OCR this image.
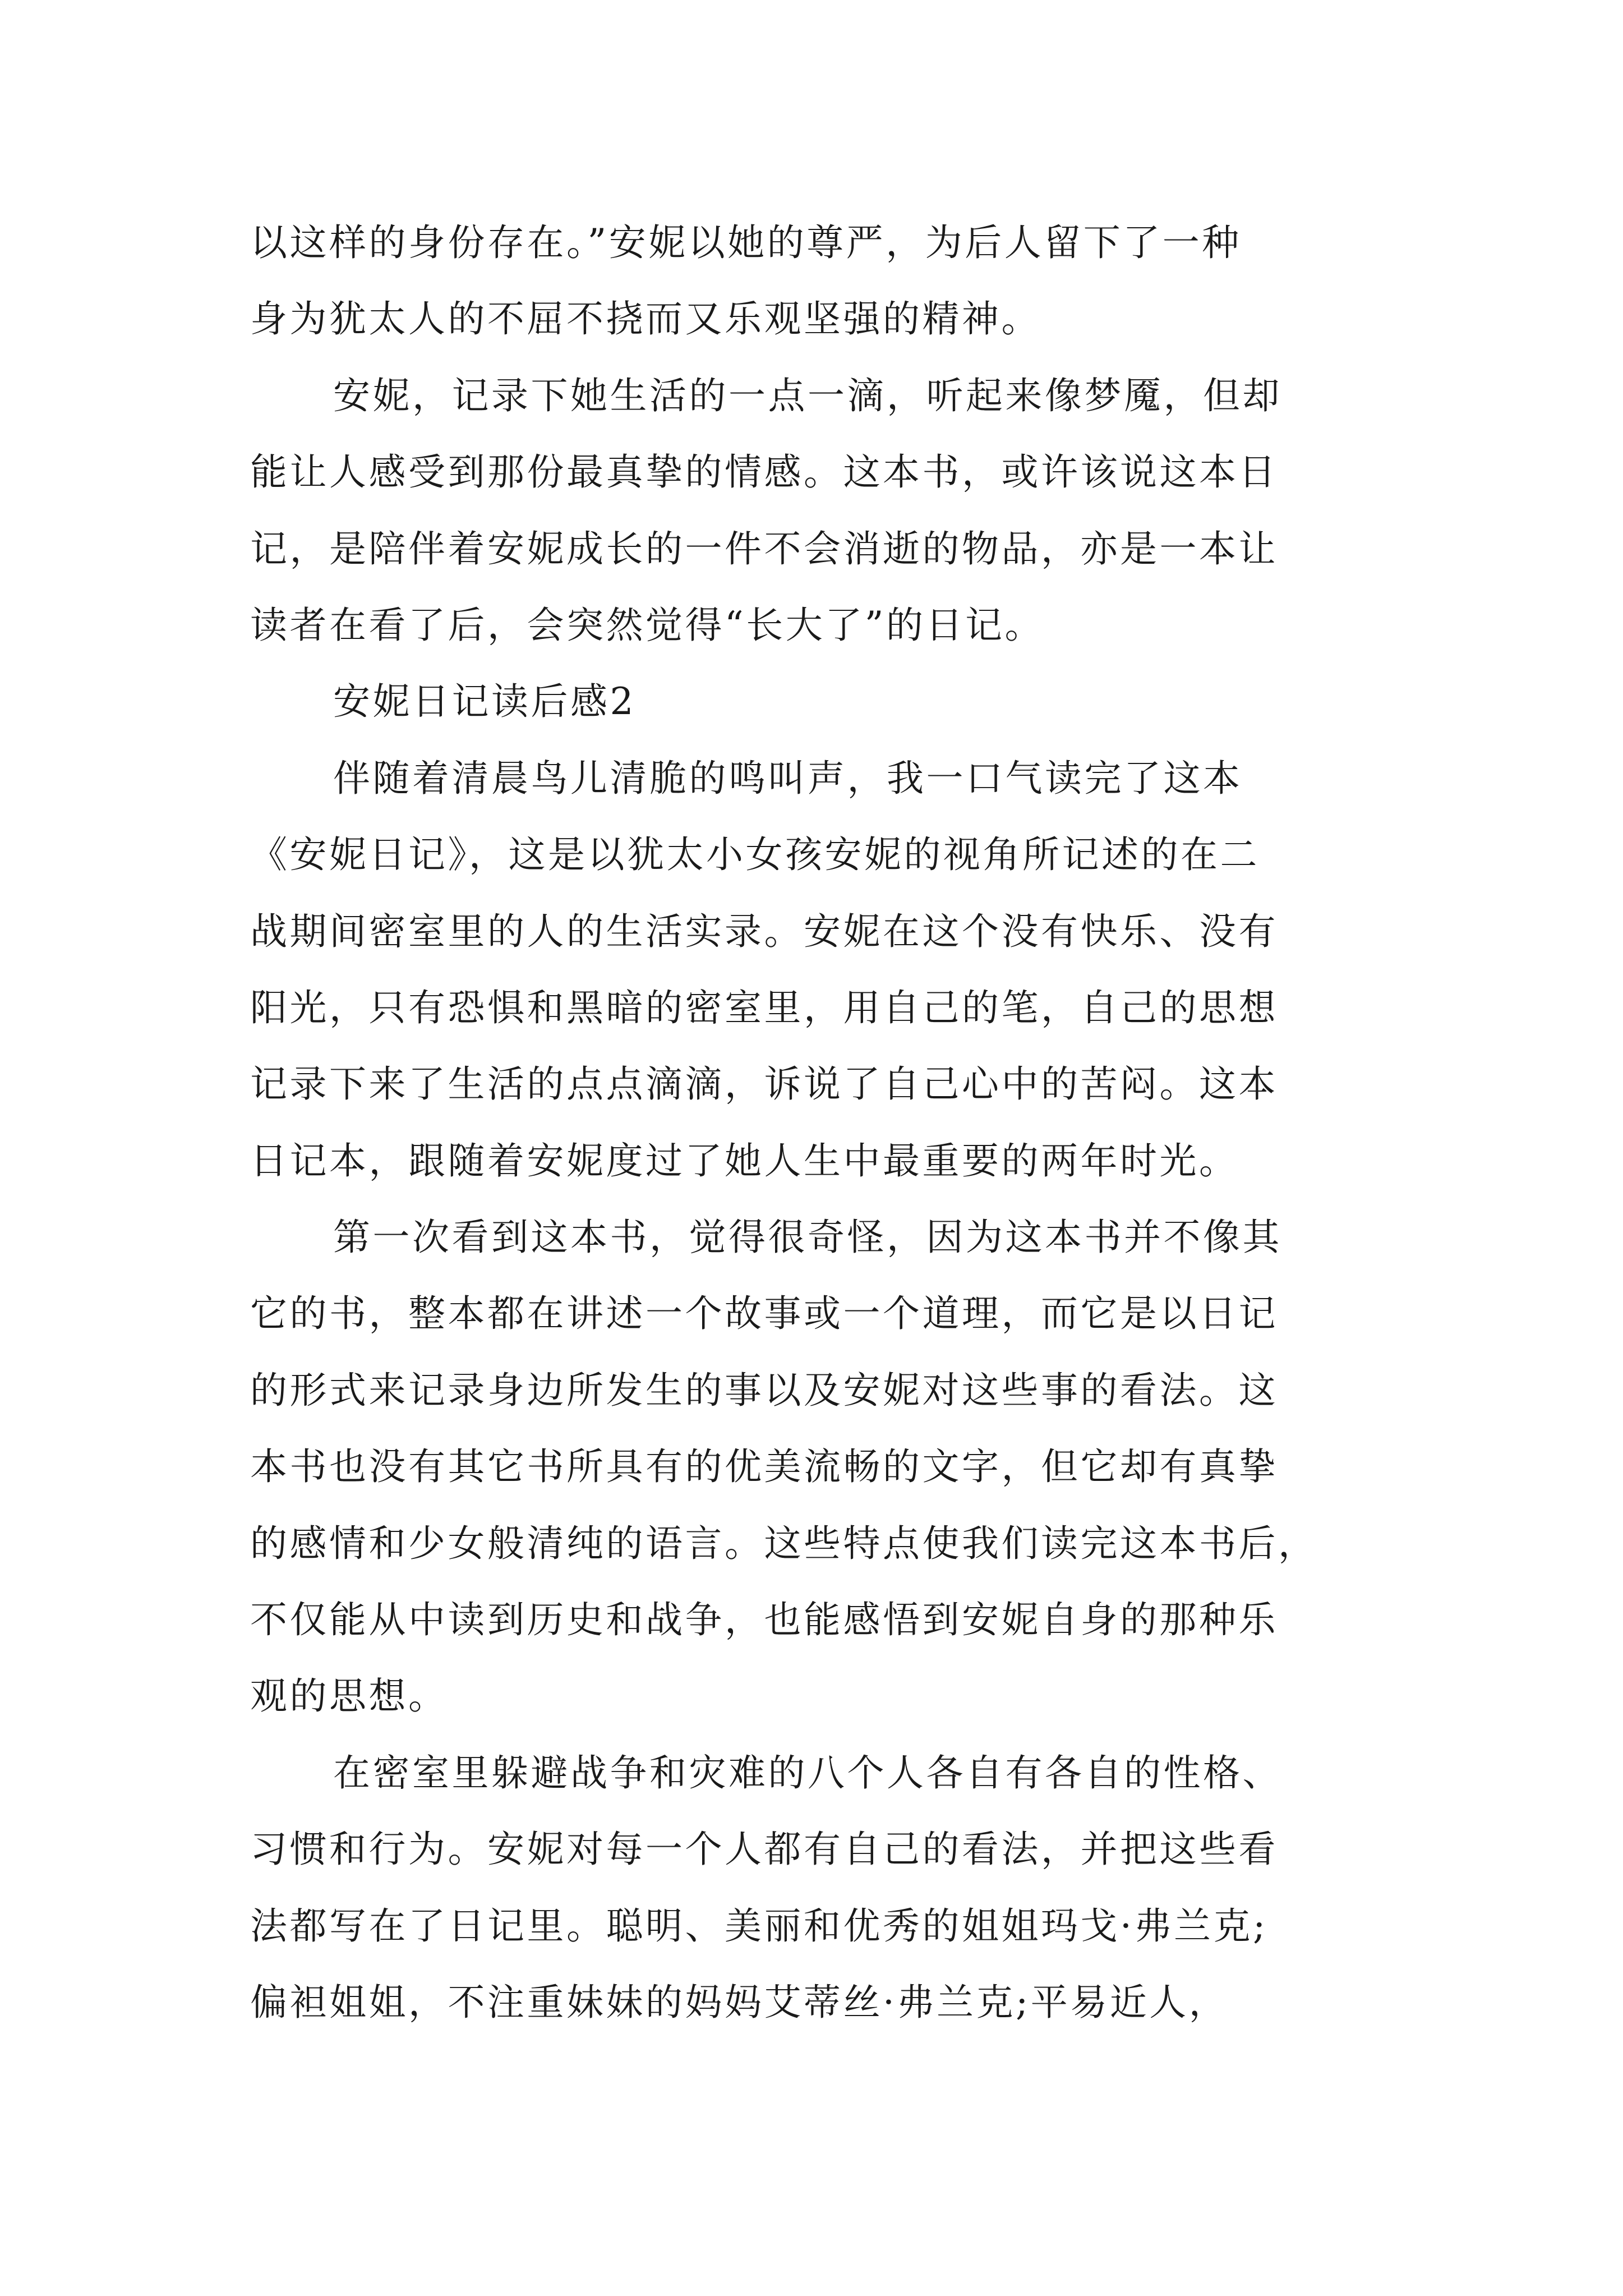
以这样的身份存在。”安妮以她的尊严，为后人留下了一种
身为犹太人的不屈不挠而又乐观坚强的精神。
安妮，记录下她生活的一点一滴，听起来像梦魇，但却
能让人感受到那份最真挚的情感。这本书，或许该说这本日
记，是陪伴着安妮成长的一件不会消逝的物品，亦是一本让
读者在看了后，会突然觉得“长大了”的日记。
安妮日记读后感2
伴随着清晨鸟儿清脆的鸣叫声，我一口气读完了这本
《安妮日记》，这是以犹太小女孩安妮的视角所记述的在二
战期间密室里的人的生活实录。安妮在这个没有快乐、没有
阳光，只有恐惧和黑暗的密室里，用自己的笔，自己的思想
记录下来了生活的点点滴滴，诉说了自己心中的苦闷。这本
日记本，跟随着安妮度过了她人生中最重要的两年时光。
第一次看到这本书，觉得很奇怪，因为这本书并不像其
它的书，整本都在讲述一个故事或一个道理，而它是以日记
的形式来记录身边所发生的事以及安妮对这些事的看法。这
本书也没有其它书所具有的优美流畅的文字，但它却有真挚
的感情和少女般清纯的语言。这些特点使我们读完这本书后，
不仅能从中读到历史和战争，也能感悟到安妮自身的那种乐
观的思想。
在密室里躲避战争和灾难的八个人各自有各自的性格、
习惯和行为。安妮对每一个人都有自己的看法，并把这些看
法都写在了日记里。聪明、美丽和优秀的姐姐玛戈·弗兰克;
偏袒姐姐，不注重妹妹的妈妈艾蒂丝·弗兰克;平易近人，
